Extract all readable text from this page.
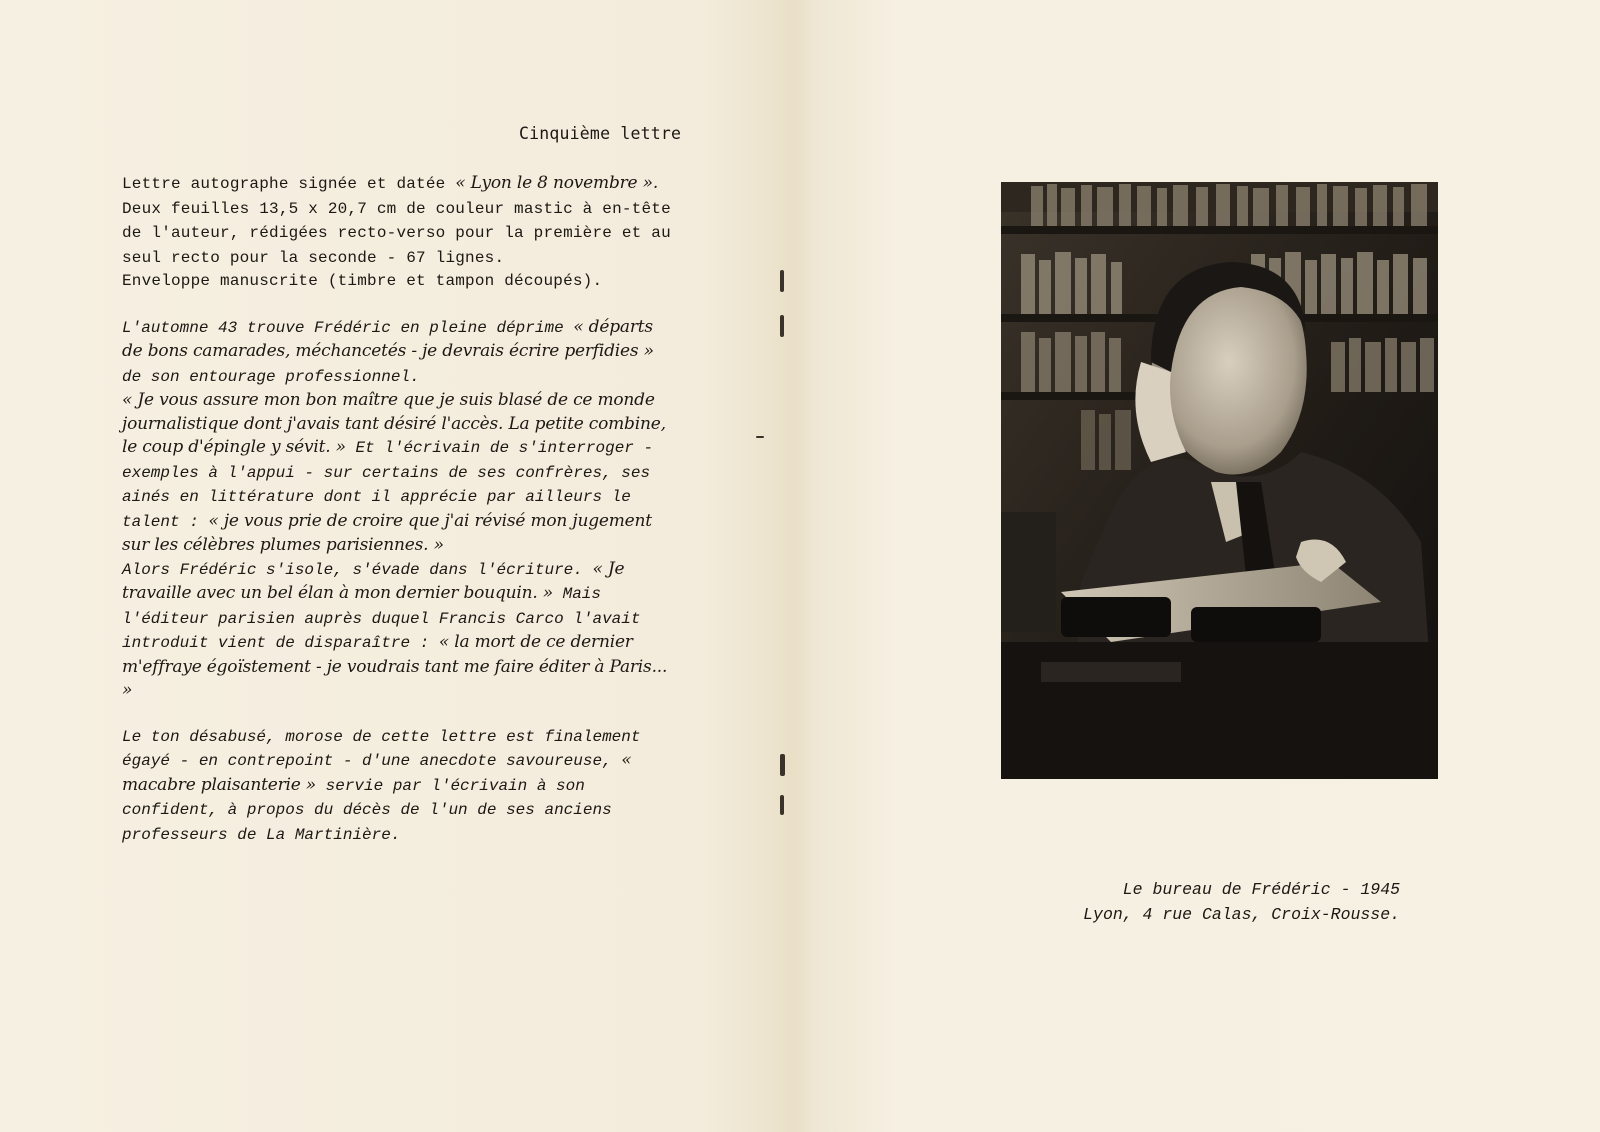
Cinquième lettre

Lettre autographe signée et datée « Lyon le 8 novembre ». Deux feuilles 13,5 x 20,7 cm de couleur mastic à en-tête de l'auteur, rédigées recto-verso pour la première et au seul recto pour la seconde - 67 lignes.

Enveloppe manuscrite (timbre et tampon découpés).

L'automne 43 trouve Frédéric en pleine déprime « départs de bons camarades, méchancetés - je devrais écrire perfidies » de son entourage professionnel.

« Je vous assure mon bon maître que je suis blasé de ce monde journalistique dont j'avais tant désiré l'accès. La petite combine, le coup d'épingle y sévit. » Et l'écrivain de s'interroger - exemples à l'appui - sur certains de ses confrères, ses ainés en littérature dont il apprécie par ailleurs le talent : « je vous prie de croire que j'ai révisé mon jugement sur les célèbres plumes parisiennes. »

Alors Frédéric s'isole, s'évade dans l'écriture. « Je travaille avec un bel élan à mon dernier bouquin. » Mais l'éditeur parisien auprès duquel Francis Carco l'avait introduit vient de disparaître : « la mort de ce dernier m'effraye égoïstement - je voudrais tant me faire éditer à Paris... »

Le ton désabusé, morose de cette lettre est finalement égayé - en contrepoint - d'une anecdote savoureuse, « macabre plaisanterie » servie par l'écrivain à son confident, à propos du décès de l'un de ses anciens professeurs de La Martinière.

Le bureau de Frédéric - 1945
Lyon, 4 rue Calas, Croix-Rousse.
